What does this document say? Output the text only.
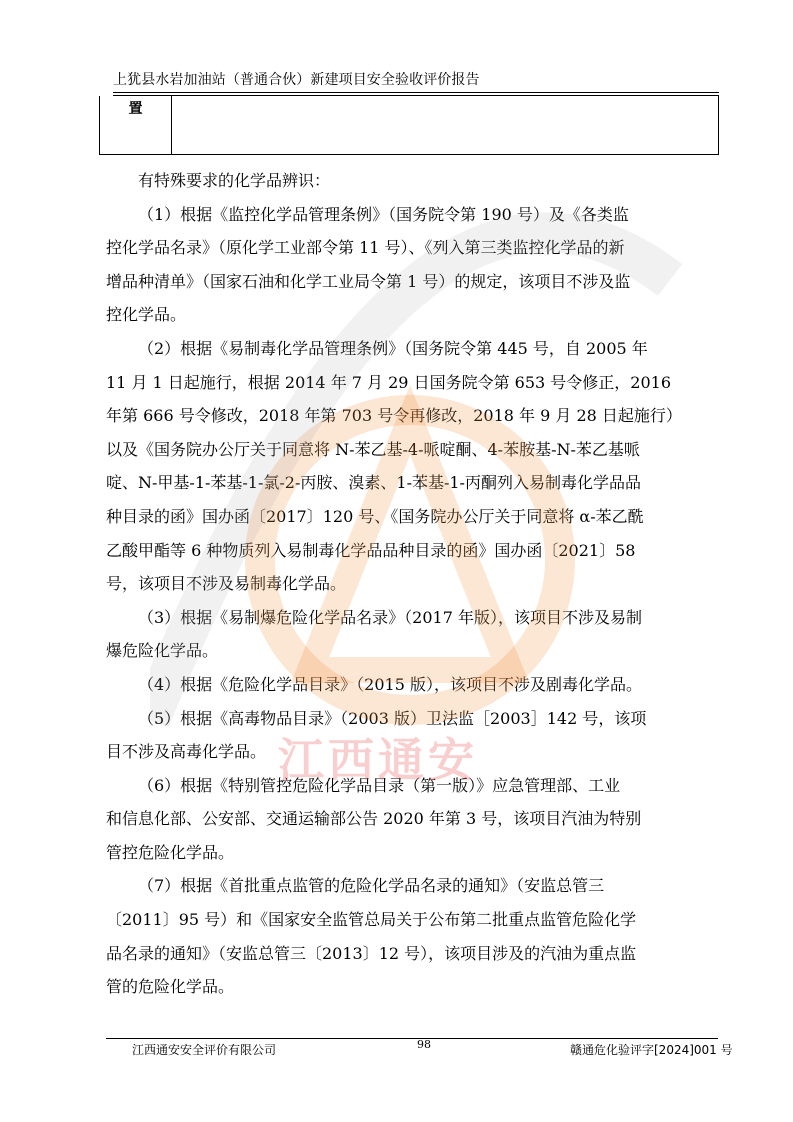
上犹县水岩加油站（普通合伙）新建项目安全验收评价报告
置

有特殊要求的化学品辨识：

（1）根据《监控化学品管理条例》（国务院令第 190 号）及《各类监
控化学品名录》（原化学工业部令第 11 号）、《列入第三类监控化学品的新
增品种清单》（国家石油和化学工业局令第 1 号）的规定，该项目不涉及监
控化学品。

（2）根据《易制毒化学品管理条例》（国务院令第 445 号，自 2005 年
11 月 1 日起施行，根据 2014 年 7 月 29 日国务院令第 653 号令修正，2016
年第 666 号令修改，2018 年第 703 号令再修改，2018 年 9 月 28 日起施行）
以及《国务院办公厅关于同意将 N-苯乙基-4-哌啶酮、4-苯胺基-N-苯乙基哌
啶、N-甲基-1-苯基-1-氯-2-丙胺、溴素、1-苯基-1-丙酮列入易制毒化学品品
种目录的函》国办函〔2017〕120 号、《国务院办公厅关于同意将 α-苯乙酰
乙酸甲酯等 6 种物质列入易制毒化学品品种目录的函》国办函〔2021〕58
号，该项目不涉及易制毒化学品。

（3）根据《易制爆危险化学品名录》（2017 年版），该项目不涉及易制
爆危险化学品。

（4）根据《危险化学品目录》（2015 版），该项目不涉及剧毒化学品。

（5）根据《高毒物品目录》（2003 版）卫法监［2003］142 号，该项
目不涉及高毒化学品。

（6）根据《特别管控危险化学品目录（第一版）》应急管理部、工业
和信息化部、公安部、交通运输部公告 2020 年第 3 号，该项目汽油为特别
管控危险化学品。

（7）根据《首批重点监管的危险化学品名录的通知》（安监总管三
〔2011〕95 号）和《国家安全监管总局关于公布第二批重点监管危险化学
品名录的通知》（安监总管三〔2013〕12 号），该项目涉及的汽油为重点监
管的危险化学品。

江西通安
江西通安安全评价有限公司	98	赣通危化验评字[2024]001 号
